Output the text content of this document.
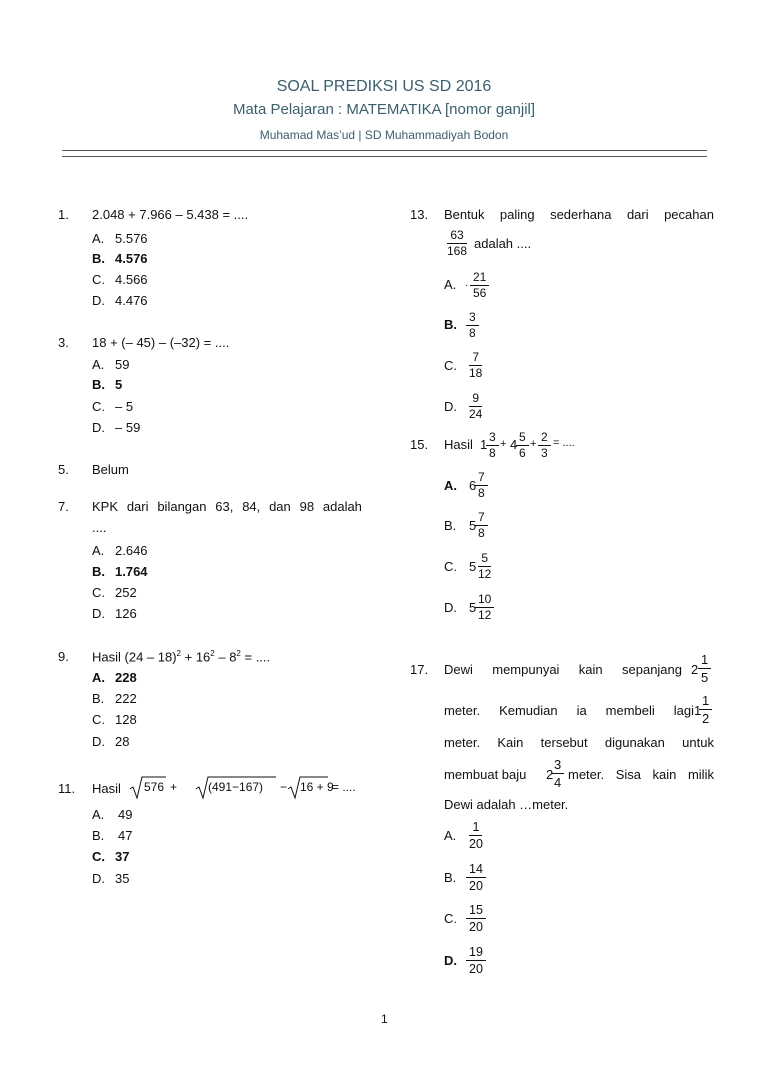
SOAL PREDIKSI US SD 2016
Mata Pelajaran : MATEMATIKA [nomor ganjil]
Muhamad Mas’ud | SD Muhammadiyah Bodon
1. 2.048 + 7.966 – 5.438 = ....
A. 5.576
B. 4.576
C. 4.566
D. 4.476
3. 18 + (– 45) – (–32) = ....
A. 59
B. 5
C. – 5
D. – 59
5. Belum
7. KPK dari bilangan 63, 84, dan 98 adalah
....
A. 2.646
B. 1.764
C. 252
D. 126
9. Hasil $(24 - 18)^2 + 16^2 - 8^2$ = ....
A. 228
B. 222
C. 128
D. 28
11. Hasil 576 +	(491−167) − 16 + 9
= ....
A. 49
B. 47
C. 37
D. 35
13. Bentuk paling sederhana dari pecahan
$\frac{63}{168}$ adalah ....
A. · $\frac{21}{56}$
B. $\frac{3}{8}$
C. $\frac{7}{18}$
D. $\frac{9}{24}$
15. Hasil 1
$\frac{3}{8} + 4$
$\frac{5}{6} + \frac{2}{3}$ = ....
A. 6
$\frac{7}{8}$
B. 5
$\frac{7}{8}$
C. 5
$\frac{5}{12}$
D. 5
$\frac{10}{12}$
17. Dewi mempunyai kain sepanjang $2 \frac{1}{5}$
meter. Kemudian ia membeli lagi 1
$\frac{1}{2}$
meter. Kain tersebut digunakan untuk
membuat baju 2
$\frac{3}{4}$ meter. Sisa kain milik
Dewi adalah …meter.
A. $\frac{1}{20}$
B. $\frac{14}{20}$
C. $\frac{15}{20}$
D. $\frac{19}{20}$
1
